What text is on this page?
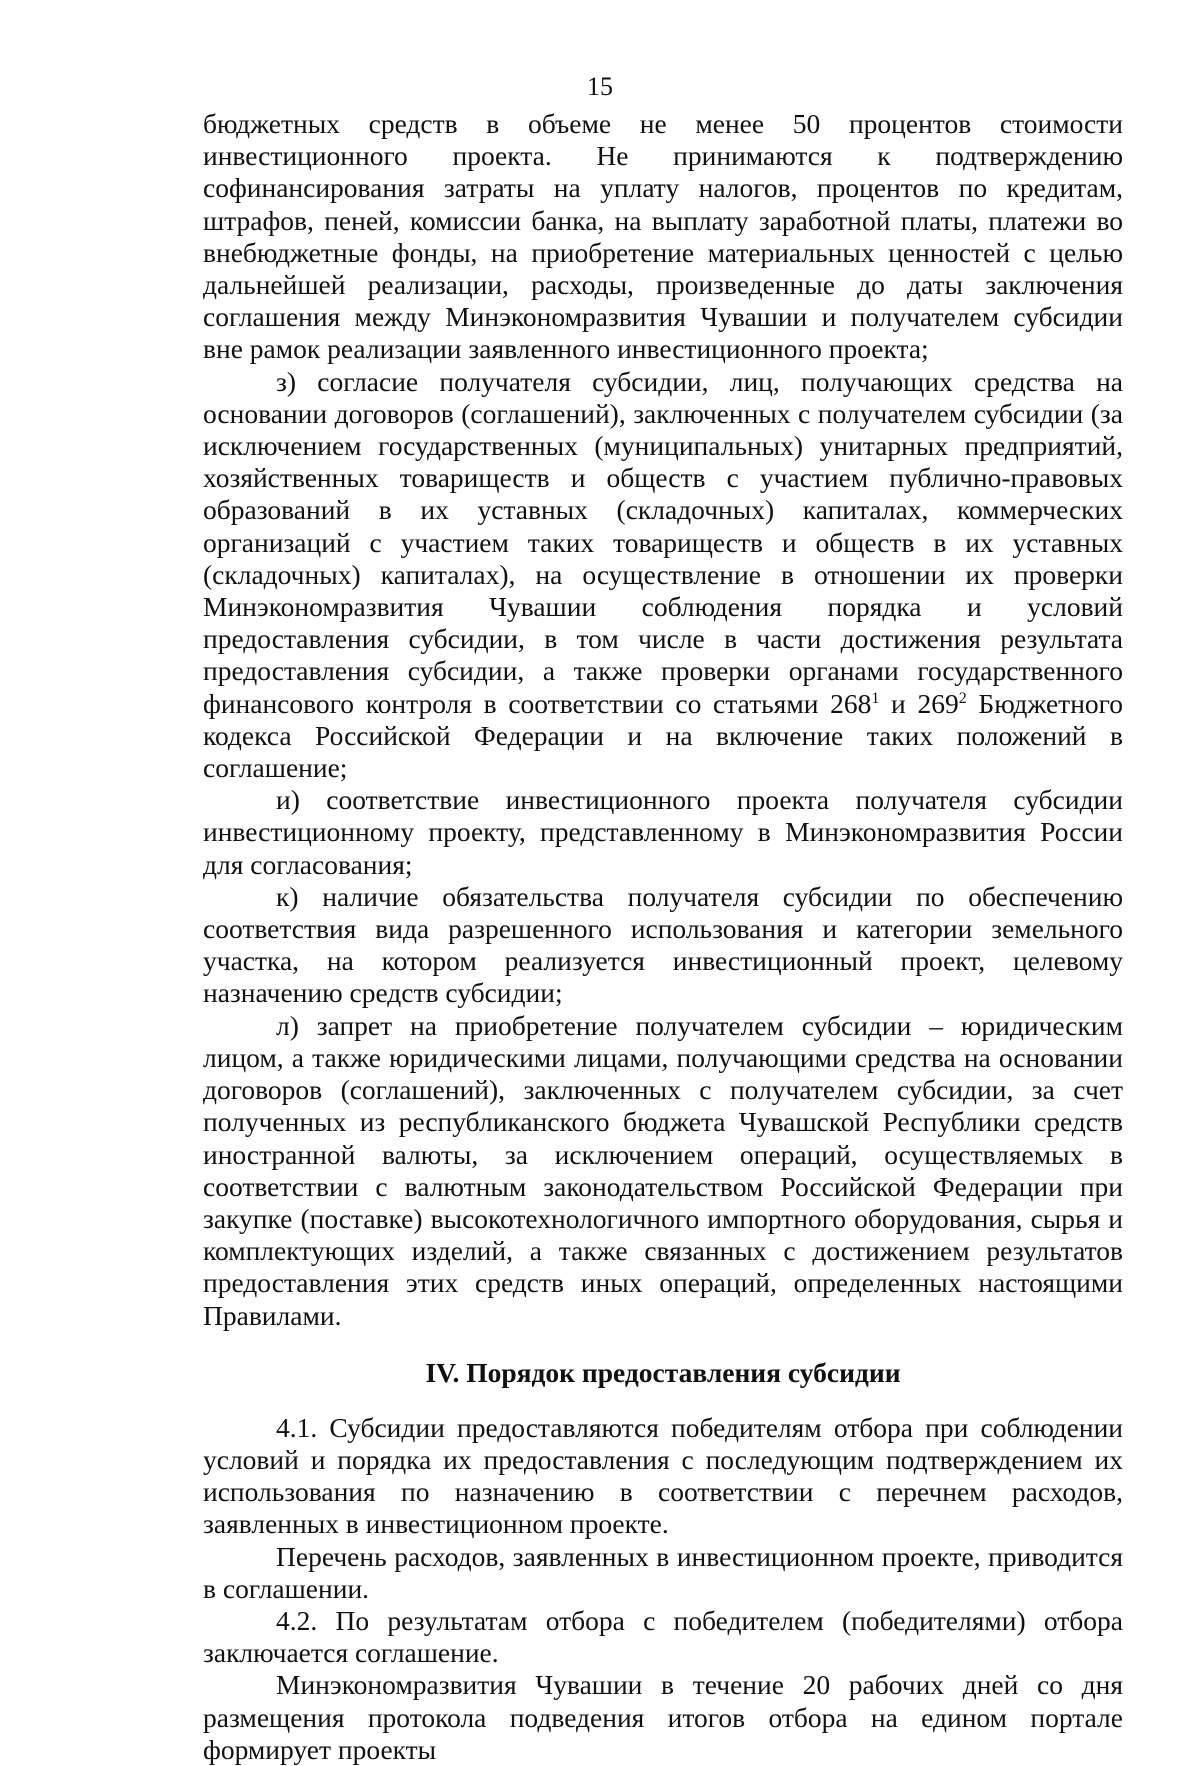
15

бюджетных средств в объеме не менее 50 процентов стоимости инвестиционного проекта. Не принимаются к подтверждению софинансирования затраты на уплату налогов, процентов по кредитам, штрафов, пеней, комиссии банка, на выплату заработной платы, платежи во внебюджетные фонды, на приобретение материальных ценностей с целью дальнейшей реализации, расходы, произведенные до даты заключения соглашения между Минэкономразвития Чувашии и получателем субсидии вне рамок реализации заявленного инвестиционного проекта;

з) согласие получателя субсидии, лиц, получающих средства на основании договоров (соглашений), заключенных с получателем субсидии (за исключением государственных (муниципальных) унитарных предприятий, хозяйственных товариществ и обществ с участием публично-правовых образований в их уставных (складочных) капиталах, коммерческих организаций с участием таких товариществ и обществ в их уставных (складочных) капиталах), на осуществление в отношении их проверки Минэкономразвития Чувашии соблюдения порядка и условий предоставления субсидии, в том числе в части достижения результата предоставления субсидии, а также проверки органами государственного финансового контроля в соответствии со статьями $268^1$ и $269^2$ Бюджетного кодекса Российской Федерации и на включение таких положений в соглашение;

и) соответствие инвестиционного проекта получателя субсидии инвестиционному проекту, представленному в Минэкономразвития России для согласования;

к) наличие обязательства получателя субсидии по обеспечению соответствия вида разрешенного использования и категории земельного участка, на котором реализуется инвестиционный проект, целевому назначению средств субсидии;

л) запрет на приобретение получателем субсидии – юридическим лицом, а также юридическими лицами, получающими средства на основании договоров (соглашений), заключенных с получателем субсидии, за счет полученных из республиканского бюджета Чувашской Республики средств иностранной валюты, за исключением операций, осуществляемых в соответствии с валютным законодательством Российской Федерации при закупке (поставке) высокотехнологичного импортного оборудования, сырья и комплектующих изделий, а также связанных с достижением результатов предоставления этих средств иных операций, определенных настоящими Правилами.

IV. Порядок предоставления субсидии

4.1. Субсидии предоставляются победителям отбора при соблюдении условий и порядка их предоставления с последующим подтверждением их использования по назначению в соответствии с перечнем расходов, заявленных в инвестиционном проекте.

Перечень расходов, заявленных в инвестиционном проекте, приводится в соглашении.

4.2. По результатам отбора с победителем (победителями) отбора заключается соглашение.

Минэкономразвития Чувашии в течение 20 рабочих дней со дня размещения протокола подведения итогов отбора на едином портале формирует проекты
